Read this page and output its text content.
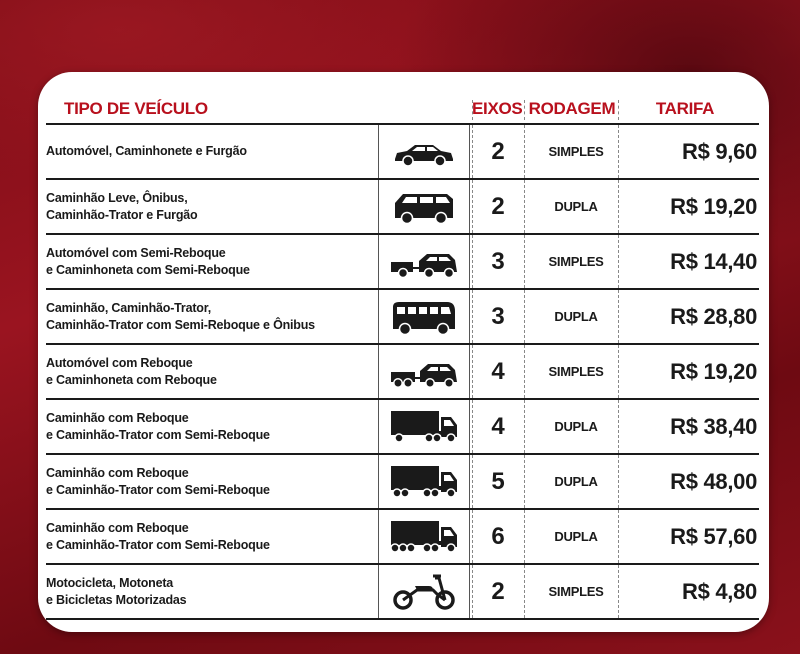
TIPO DE VEÍCULO	EIXOS RODAGEM	TARIFA
Automóvel, Caminhonete e Furgão	2	SIMPLES	R$ 9,60
Caminhão Leve, Ônibus,
Caminhão-Trator e Furgão	2	DUPLA	R$ 19,20
Automóvel com Semi-Reboque
e Caminhoneta com Semi-Reboque	3	SIMPLES	R$ 14,40
Caminhão, Caminhão-Trator,
Caminhão-Trator com Semi-Reboque e Ônibus	3	DUPLA	R$ 28,80
Automóvel com Reboque
e Caminhoneta com Reboque	4	SIMPLES	R$ 19,20
Caminhão com Reboque
e Caminhão-Trator com Semi-Reboque	4	DUPLA	R$ 38,40
Caminhão com Reboque
e Caminhão-Trator com Semi-Reboque	5	DUPLA	R$ 48,00
Caminhão com Reboque
e Caminhão-Trator com Semi-Reboque	6	DUPLA	R$ 57,60
Motocicleta, Motoneta
e Bicicletas Motorizadas	2	SIMPLES	R$ 4,80
